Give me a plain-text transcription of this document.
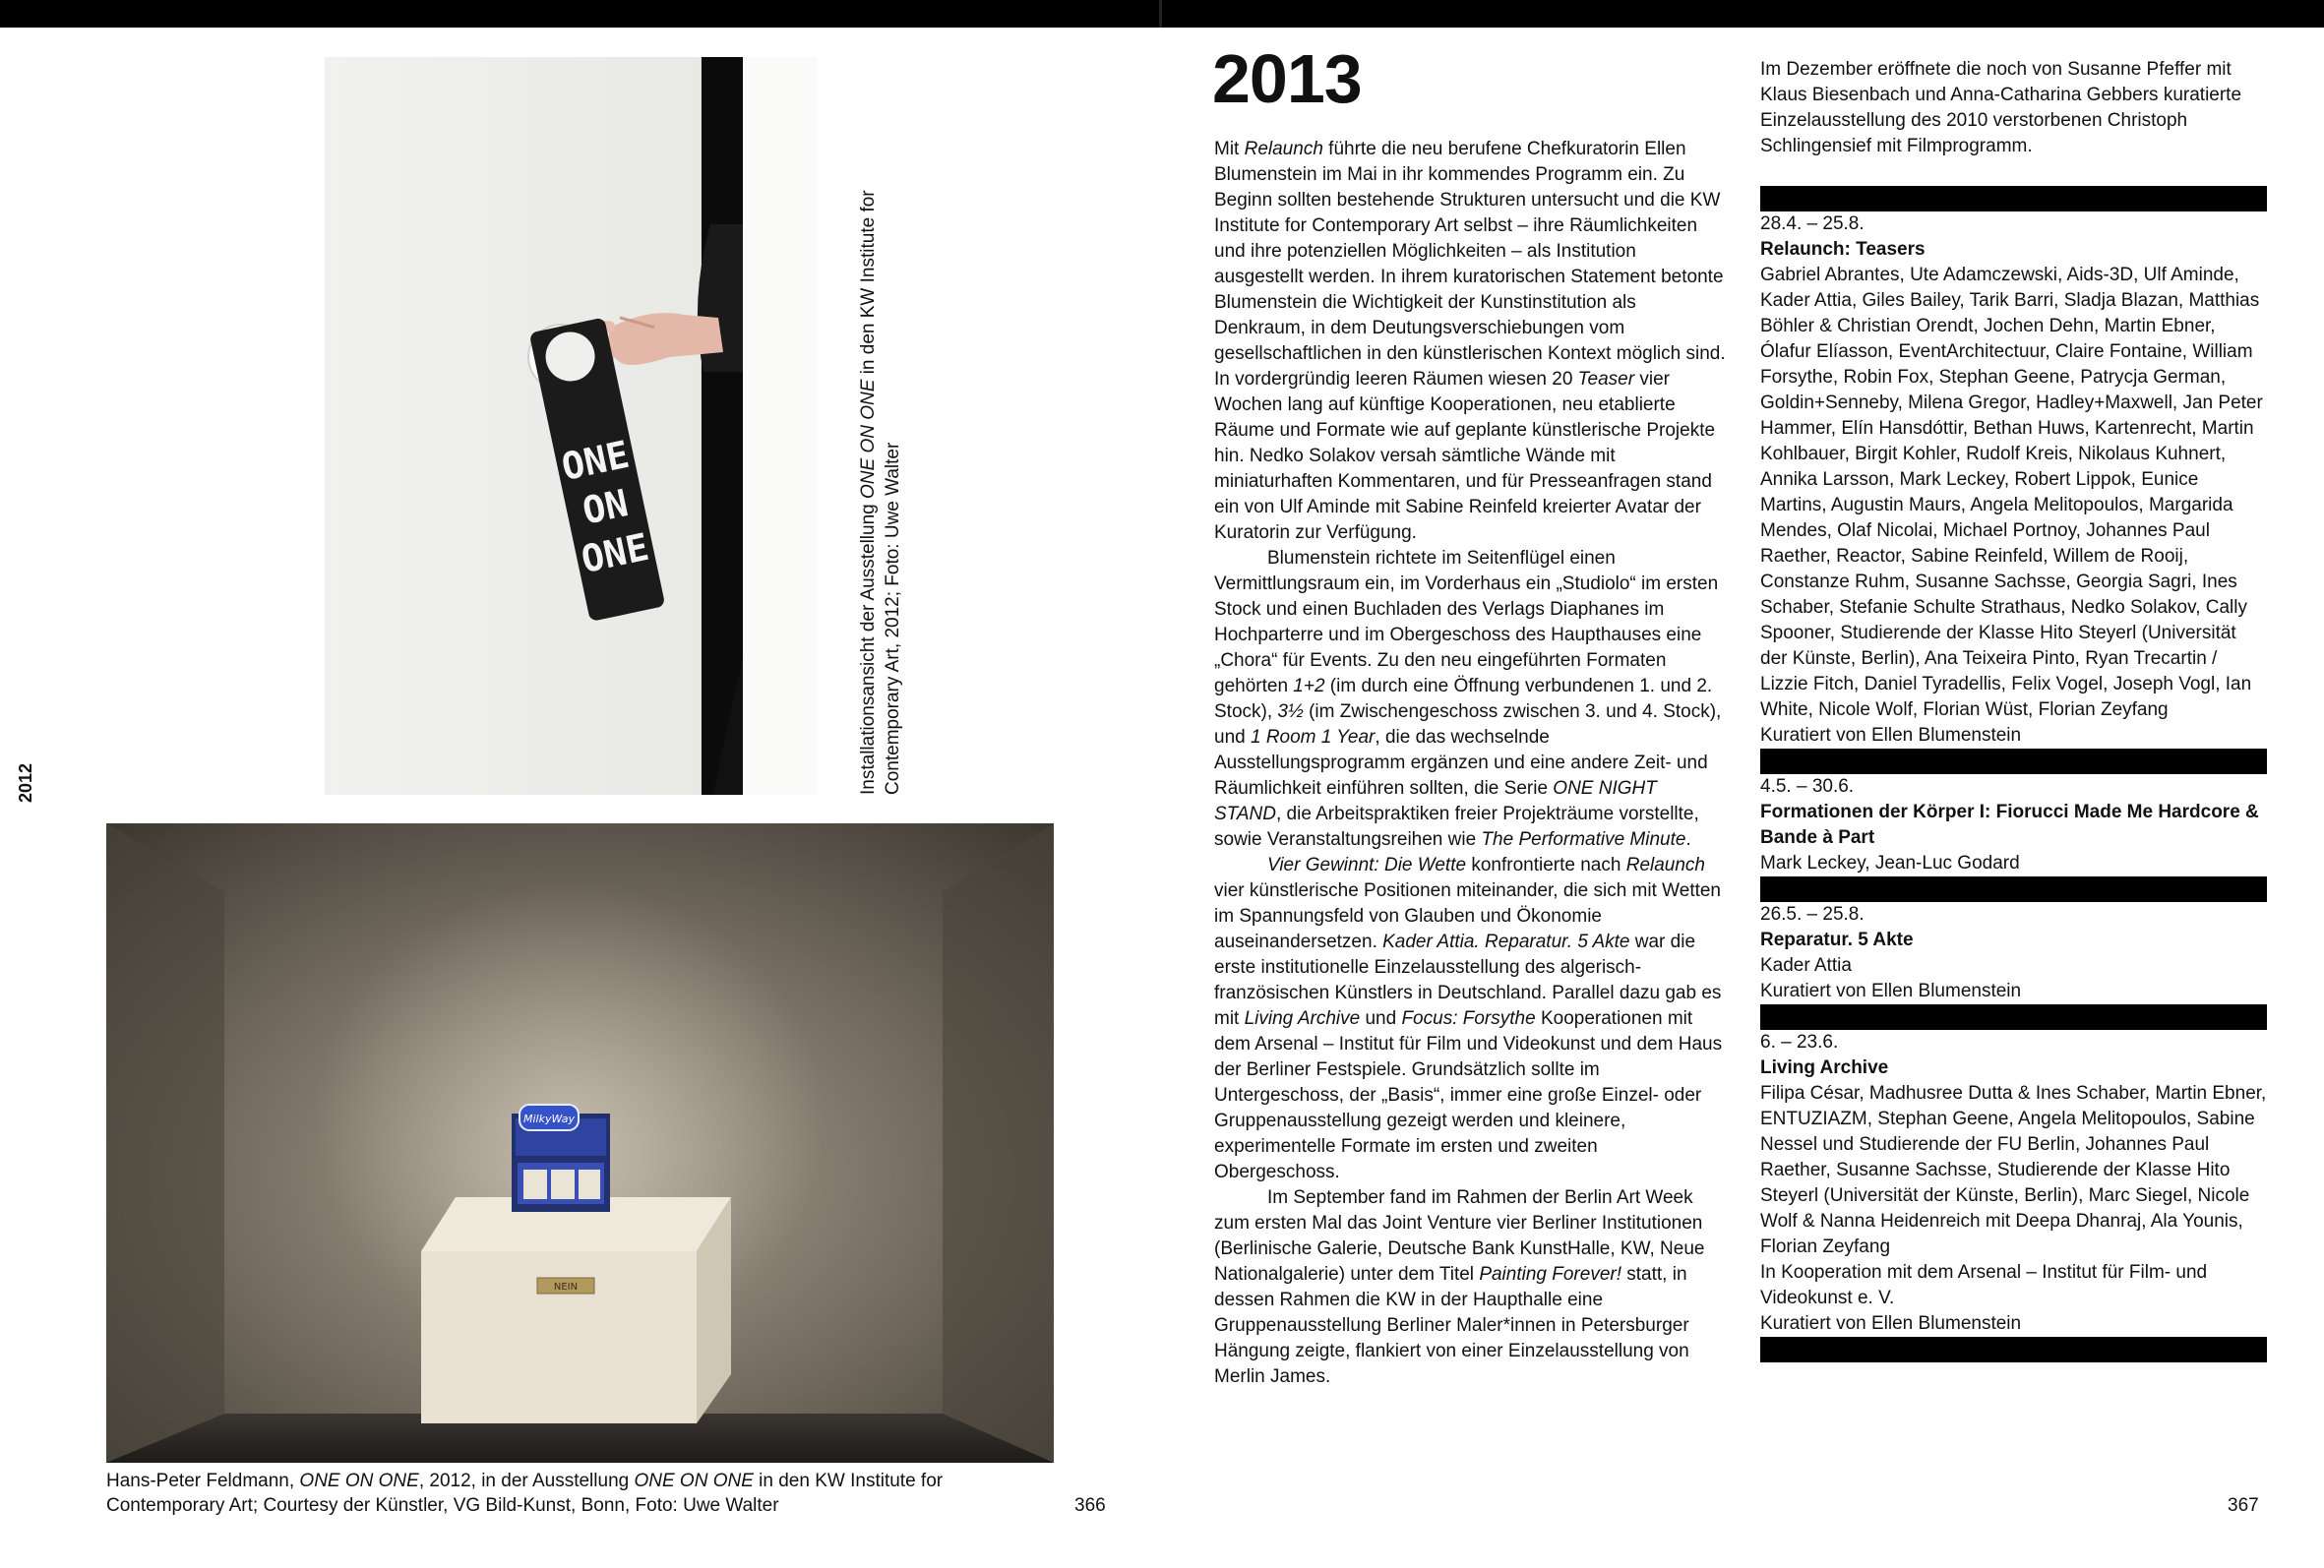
2012
ONE
ON
ONE	Installationsansicht der Ausstellung ONE ON ONE in den KW Institute for Contemporary Art, 2012; Foto: Uwe Walter
NEIN
MilkyWay
Hans-Peter Feldmann, ONE ON ONE, 2012, in der Ausstellung ONE ON ONE in den KW Institute for Contemporary Art; Courtesy der Künstler, VG Bild-Kunst, Bonn, Foto: Uwe Walter	366
2013

Mit Relaunch führte die neu berufene Chefkuratorin Ellen Blumenstein im Mai in ihr kommendes Programm ein. Zu Beginn sollten bestehende Strukturen untersucht und die KW Institute for Contemporary Art selbst – ihre Räumlichkeiten und ihre potenziellen Möglichkeiten – als Institution ausgestellt werden. In ihrem kuratorischen Statement betonte Blumenstein die Wichtigkeit der Kunstinstitution als Denkraum, in dem Deutungsverschiebungen vom gesellschaftlichen in den künstlerischen Kontext möglich sind. In vordergründig leeren Räumen wiesen 20 Teaser vier Wochen lang auf künftige Kooperationen, neu etablierte Räume und Formate wie auf geplante künstlerische Projekte hin. Nedko Solakov versah sämtliche Wände mit miniaturhaften Kommentaren, und für Presseanfragen stand ein von Ulf Aminde mit Sabine Reinfeld kreierter Avatar der Kuratorin zur Verfügung.

Blumenstein richtete im Seitenflügel einen Vermittlungsraum ein, im Vorderhaus ein „Studiolo“ im ersten Stock und einen Buchladen des Verlags Diaphanes im Hochparterre und im Obergeschoss des Haupthauses eine „Chora“ für Events. Zu den neu eingeführten Formaten gehörten 1+2 (im durch eine Öffnung verbundenen 1. und 2. Stock), 3½ (im Zwischengeschoss zwischen 3. und 4. Stock), und 1 Room 1 Year, die das wechselnde Ausstellungsprogramm ergänzen und eine andere Zeit- und Räumlichkeit einführen sollten, die Serie ONE NIGHT STAND, die Arbeitspraktiken freier Projekträume vorstellte, sowie Veranstaltungsreihen wie The Performative Minute.

Vier Gewinnt: Die Wette konfrontierte nach Relaunch vier künstlerische Positionen miteinander, die sich mit Wetten im Spannungsfeld von Glauben und Ökonomie auseinandersetzen. Kader Attia. Reparatur. 5 Akte war die erste institutionelle Einzelausstellung des algerisch-französischen Künstlers in Deutschland. Parallel dazu gab es mit Living Archive und Focus: Forsythe Kooperationen mit dem Arsenal – Institut für Film und Videokunst und dem Haus der Berliner Festspiele. Grundsätzlich sollte im Untergeschoss, der „Basis“, immer eine große Einzel- oder Gruppenausstellung gezeigt werden und kleinere, experimentelle Formate im ersten und zweiten Obergeschoss.

Im September fand im Rahmen der Berlin Art Week zum ersten Mal das Joint Venture vier Berliner Institutionen (Berlinische Galerie, Deutsche Bank KunstHalle, KW, Neue Nationalgalerie) unter dem Titel Painting Forever! statt, in dessen Rahmen die KW in der Haupthalle eine Gruppenausstellung Berliner Maler*innen in Petersburger Hängung zeigte, flankiert von einer Einzelausstellung von Merlin James.

Im Dezember eröffnete die noch von Susanne Pfeffer mit Klaus Biesenbach und Anna-Catharina Gebbers kuratierte Einzelausstellung des 2010 verstorbenen Christoph Schlingensief mit Filmprogramm.

28.4. – 25.8.
Relaunch: Teasers
Gabriel Abrantes, Ute Adamczewski, Aids-3D, Ulf Aminde, Kader Attia, Giles Bailey, Tarik Barri, Sladja Blazan, Matthias Böhler & Christian Orendt, Jochen Dehn, Martin Ebner, Ólafur Elíasson, EventArchitectuur, Claire Fontaine, William Forsythe, Robin Fox, Stephan Geene, Patrycja German, Goldin+Senneby, Milena Gregor, Hadley+Maxwell, Jan Peter Hammer, Elín Hansdóttir, Bethan Huws, Kartenrecht, Martin Kohlbauer, Birgit Kohler, Rudolf Kreis, Nikolaus Kuhnert, Annika Larsson, Mark Leckey, Robert Lippok, Eunice Martins, Augustin Maurs, Angela Melitopoulos, Margarida Mendes, Olaf Nicolai, Michael Portnoy, Johannes Paul Raether, Reactor, Sabine Reinfeld, Willem de Rooij, Constanze Ruhm, Susanne Sachsse, Georgia Sagri, Ines Schaber, Stefanie Schulte Strathaus, Nedko Solakov, Cally Spooner, Studierende der Klasse Hito Steyerl (Universität der Künste, Berlin), Ana Teixeira Pinto, Ryan Trecartin / Lizzie Fitch, Daniel Tyradellis, Felix Vogel, Joseph Vogl, Ian White, Nicole Wolf, Florian Wüst, Florian Zeyfang
Kuratiert von Ellen Blumenstein
4.5. – 30.6.
Formationen der Körper I: Fiorucci Made Me Hardcore & Bande à Part
Mark Leckey, Jean-Luc Godard
26.5. – 25.8.
Reparatur. 5 Akte
Kader Attia
Kuratiert von Ellen Blumenstein
6. – 23.6.
Living Archive
Filipa César, Madhusree Dutta & Ines Schaber, Martin Ebner, ENTUZIAZM, Stephan Geene, Angela Melitopoulos, Sabine Nessel und Studierende der FU Berlin, Johannes Paul Raether, Susanne Sachsse, Studierende der Klasse Hito Steyerl (Universität der Künste, Berlin), Marc Siegel, Nicole Wolf & Nanna Heidenreich mit Deepa Dhanraj, Ala Younis, Florian Zeyfang
In Kooperation mit dem Arsenal – Institut für Film- und Videokunst e. V.
Kuratiert von Ellen Blumenstein
367
